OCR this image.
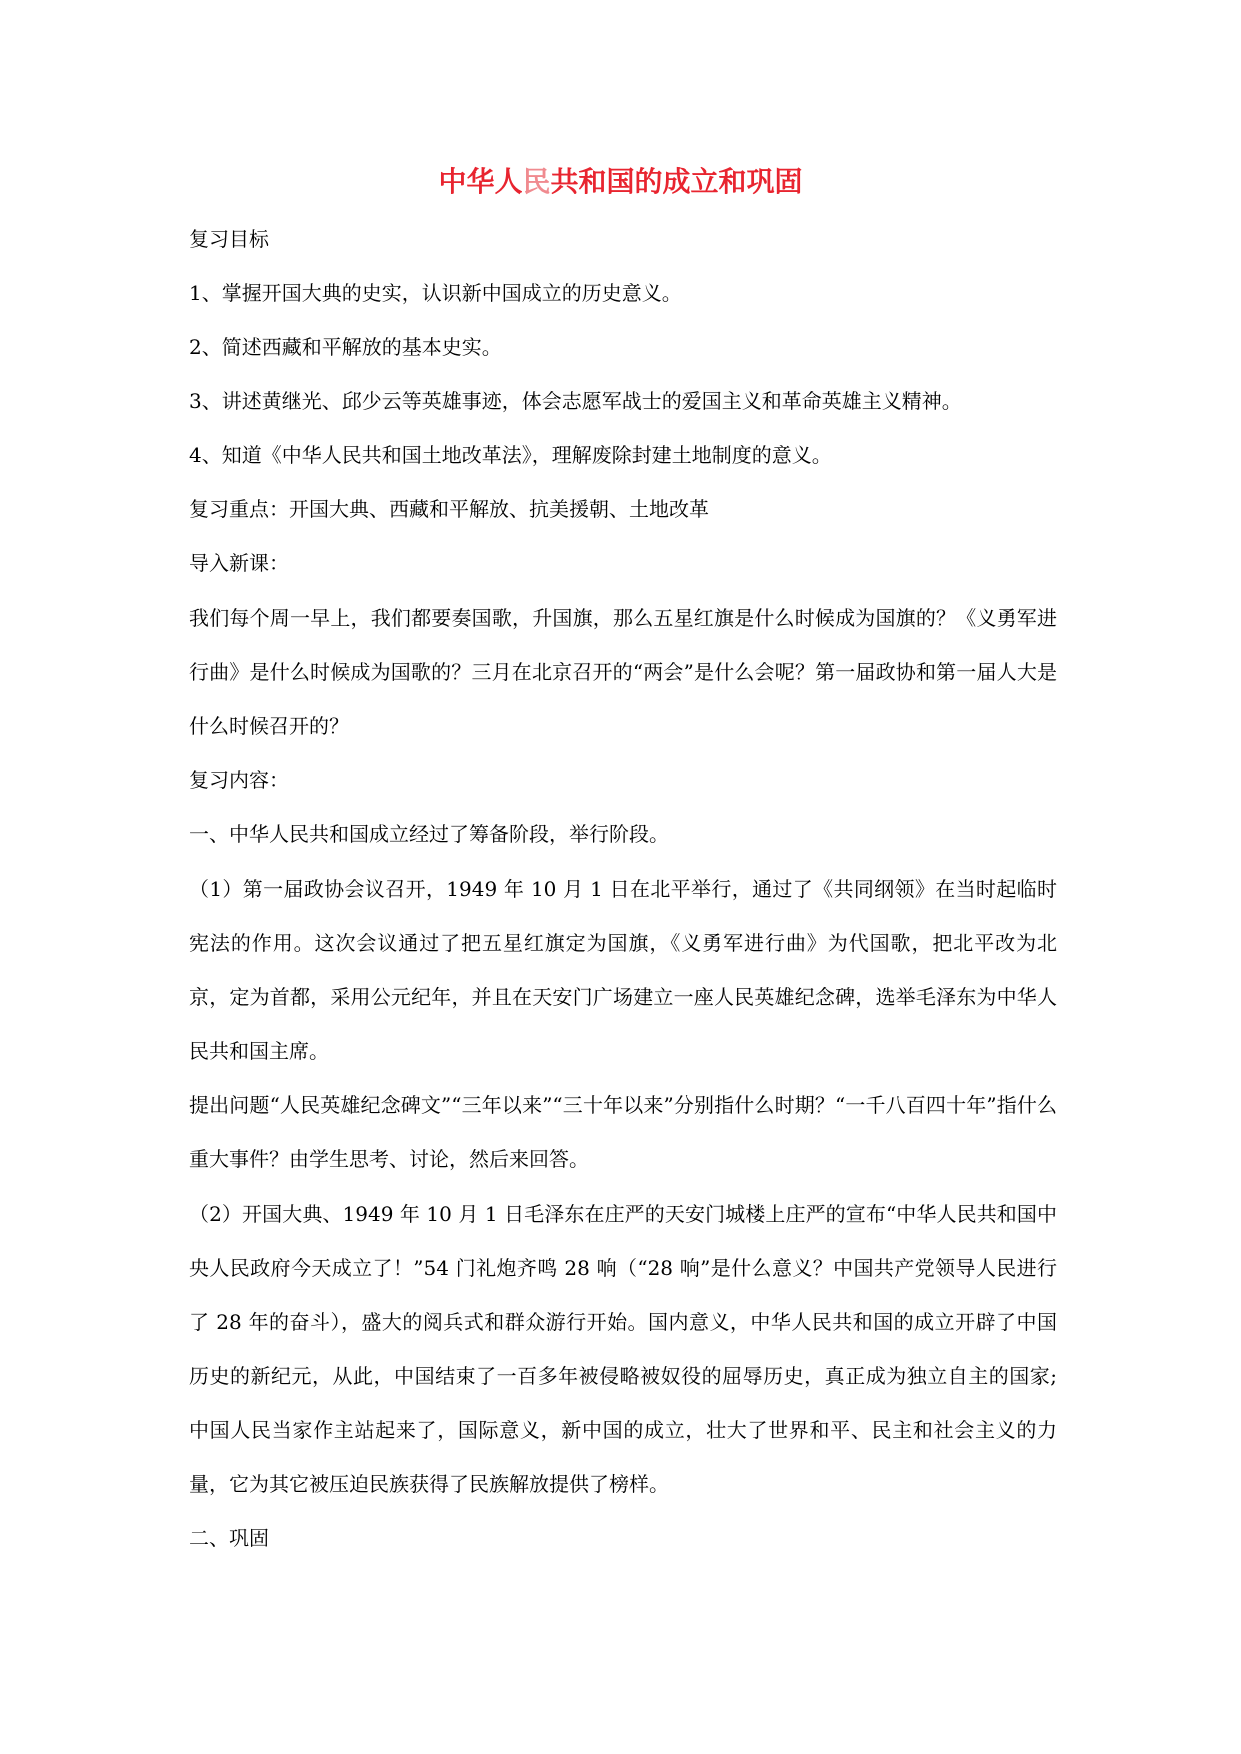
中华人民共和国的成立和巩固

复习目标

1、掌握开国大典的史实，认识新中国成立的历史意义。

2、简述西藏和平解放的基本史实。

3、讲述黄继光、邱少云等英雄事迹，体会志愿军战士的爱国主义和革命英雄主义精神。

4、知道《中华人民共和国土地改革法》，理解废除封建土地制度的意义。

复习重点：开国大典、西藏和平解放、抗美援朝、土地改革

导入新课：

我们每个周一早上，我们都要奏国歌，升国旗，那么五星红旗是什么时候成为国旗的？《义勇军进行曲》是什么时候成为国歌的？三月在北京召开的“两会”是什么会呢？第一届政协和第一届人大是什么时候召开的？

复习内容：

一、中华人民共和国成立经过了筹备阶段，举行阶段。

（1）第一届政协会议召开，1949 年 10 月 1 日在北平举行，通过了《共同纲领》在当时起临时宪法的作用。这次会议通过了把五星红旗定为国旗，《义勇军进行曲》为代国歌，把北平改为北京，定为首都，采用公元纪年，并且在天安门广场建立一座人民英雄纪念碑，选举毛泽东为中华人民共和国主席。

提出问题“人民英雄纪念碑文”“三年以来”“三十年以来”分别指什么时期？“一千八百四十年”指什么重大事件？由学生思考、讨论，然后来回答。

（2）开国大典、1949 年 10 月 1 日毛泽东在庄严的天安门城楼上庄严的宣布“中华人民共和国中央人民政府今天成立了！”54 门礼炮齐鸣 28 响（“28 响”是什么意义？中国共产党领导人民进行了 28 年的奋斗），盛大的阅兵式和群众游行开始。国内意义，中华人民共和国的成立开辟了中国历史的新纪元，从此，中国结束了一百多年被侵略被奴役的屈辱历史，真正成为独立自主的国家; 中国人民当家作主站起来了，国际意义，新中国的成立，壮大了世界和平、民主和社会主义的力量，它为其它被压迫民族获得了民族解放提供了榜样。

二、巩固
